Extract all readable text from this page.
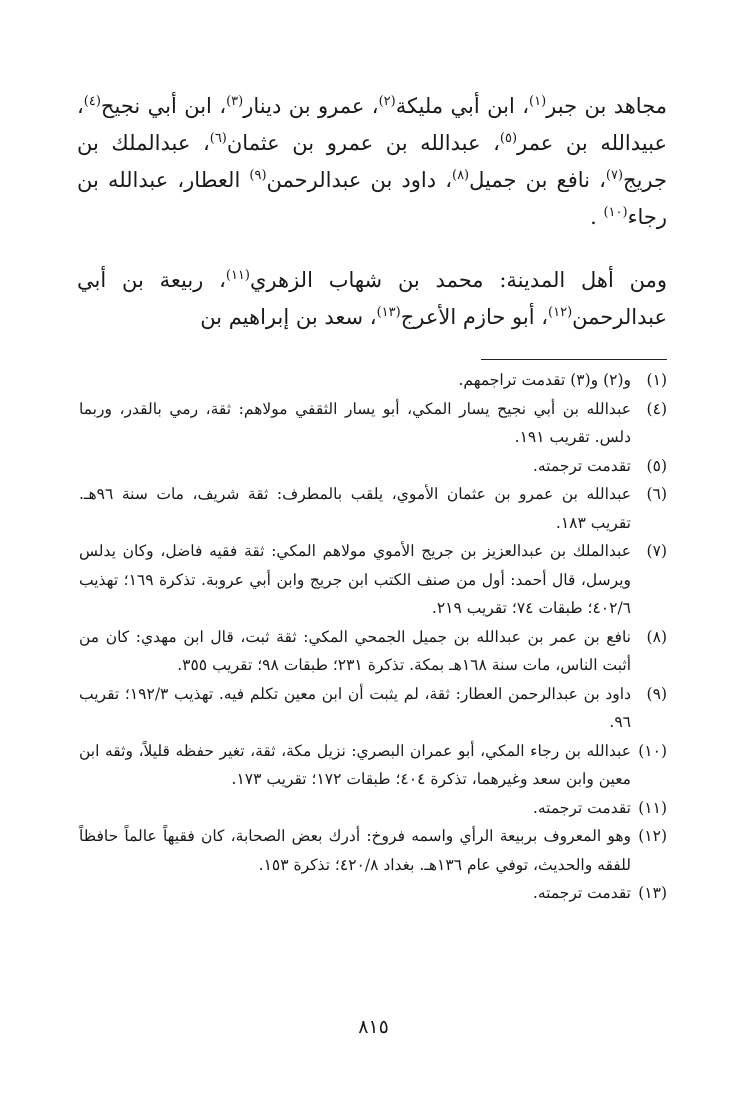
مجاهد بن جبر$^{(١)}$، ابن أبي مليكة$^{(٢)}$، عمرو بن دينار$^{(٣)}$، ابن أبي نجيح$^{(٤)}$، عبيدالله بن عمر$^{(٥)}$، عبدالله بن عمرو بن عثمان$^{(٦)}$، عبدالملك بن جريج$^{(٧)}$، نافع بن جميل$^{(٨)}$، داود بن عبدالرحمن$^{(٩)}$ العطار، عبدالله بن رجاء$^{(١٠)}$ .

ومن أهل المدينة: محمد بن شهاب الزهري$^{(١١)}$، ربيعة بن أبي عبدالرحمن$^{(١٢)}$، أبو حازم الأعرج$^{(١٣)}$، سعد بن إبراهيم بن

(١)
و(٢) و(٣) تقدمت تراجمهم.
(٤)
عبدالله بن أبي نجيح يسار المكي، أبو يسار الثقفي مولاهم: ثقة، رمي بالقدر، وربما دلس. تقريب ١٩١.
(٥)
تقدمت ترجمته.
(٦)
عبدالله بن عمرو بن عثمان الأموي، يلقب بالمطرف: ثقة شريف، مات سنة ٩٦هـ. تقريب ١٨٣.
(٧)
عبدالملك بن عبدالعزيز بن جريج الأموي مولاهم المكي: ثقة فقيه فاضل، وكان يدلس ويرسل، قال أحمد: أول من صنف الكتب ابن جريج وابن أبي عروبة. تذكرة ١٦٩؛ تهذيب ٤٠٢/٦؛ طبقات ٧٤؛ تقريب ٢١٩.
(٨)
نافع بن عمر بن عبدالله بن جميل الجمحي المكي: ثقة ثبت، قال ابن مهدي: كان من أثبت الناس، مات سنة ١٦٨هـ بمكة. تذكرة ٢٣١؛ طبقات ٩٨؛ تقريب ٣٥٥.
(٩)
داود بن عبدالرحمن العطار: ثقة، لم يثبت أن ابن معين تكلم فيه. تهذيب ١٩٢/٣؛ تقريب ٩٦.
(١٠)
عبدالله بن رجاء المكي، أبو عمران البصري: نزيل مكة، ثقة، تغير حفظه قليلاً، وثقه ابن معين وابن سعد وغيرهما، تذكرة ٤٠٤؛ طبقات ١٧٢؛ تقريب ١٧٣.
(١١)
تقدمت ترجمته.
(١٢)
وهو المعروف بربيعة الرأي واسمه فروخ: أدرك بعض الصحابة، كان فقيهاً عالماً حافظاً للفقه والحديث، توفي عام ١٣٦هـ. بغداد ٤٢٠/٨؛ تذكرة ١٥٣.
(١٣)
تقدمت ترجمته.
٨١٥
